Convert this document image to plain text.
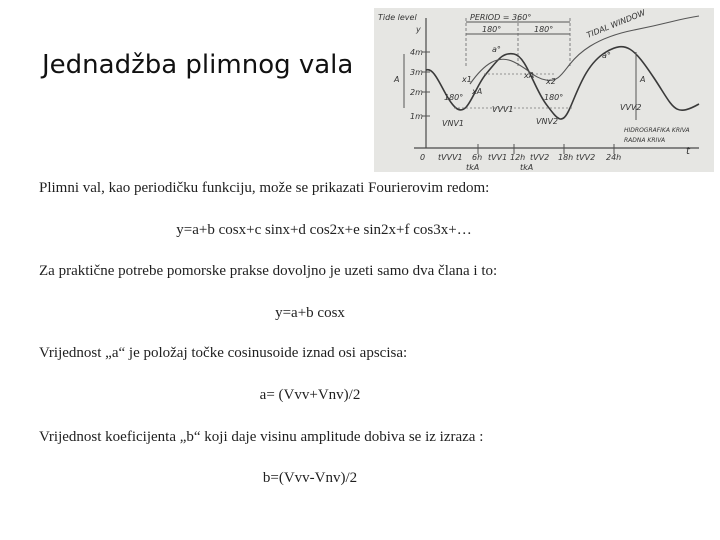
Jednadžba plimnog vala
Tide level
y
PERIOD = 360°
180°	180°	TIDAL WINDOW
a°
a°
A	A
x1	x2
xA
xA
VVV1	VVV2
VNV1	VNV2
180°
180°
4m
3m
2m
1m
0 tVVV1 6h tVV1 12h tVV2 18h tVV2 24h
tkA	tkA
HIDROGRAFIKA KRIVA
RADNA KRIVA
t
Plimni val, kao periodičku funkciju, može se prikazati Fourierovim redom:
y=a+b cosx+c sinx+d cos2x+e sin2x+f cos3x+…
Za praktične potrebe pomorske prakse dovoljno je uzeti samo dva člana i to:
y=a+b cosx
Vrijednost „a“ je položaj točke cosinusoide iznad osi apscisa:
a= (Vvv+Vnv)/2
Vrijednost koeficijenta „b“ koji daje visinu amplitude dobiva se iz izraza :
b=(Vvv-Vnv)/2
